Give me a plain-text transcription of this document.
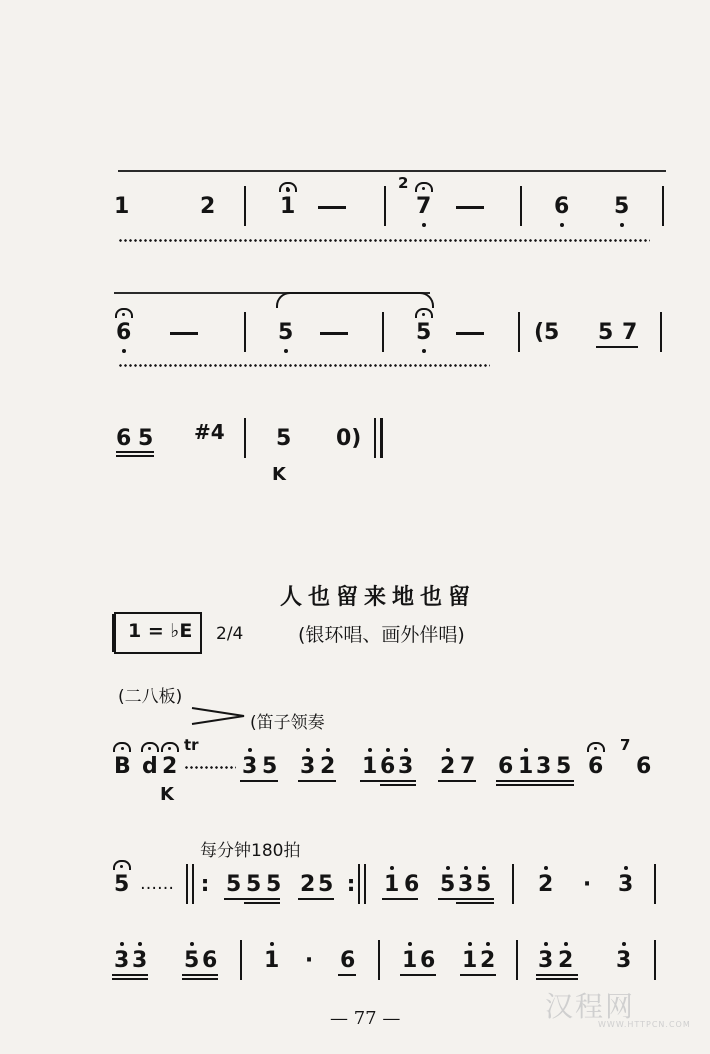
1	2	1
2
7	6 5
6	5	5	(5 5 7
6 5 #4 5 0)
K
人也留来地也留
1 = ♭E 2/4	(银环唱、画外伴唱)
(二八板)
(笛子领奏
B d 2
tr
3 5 3 2 1 6 3 2 7 6 1 3 5 6
7
6
K
每分钟180拍
5 …… : 5 5 5 2 5 : 1 6 5 3 5 2 · 3
3 3 5 6 1 · 6 1 6 1 2 3 2 3
— 77 —	汉程网
WWW.HTTPCN.COM
